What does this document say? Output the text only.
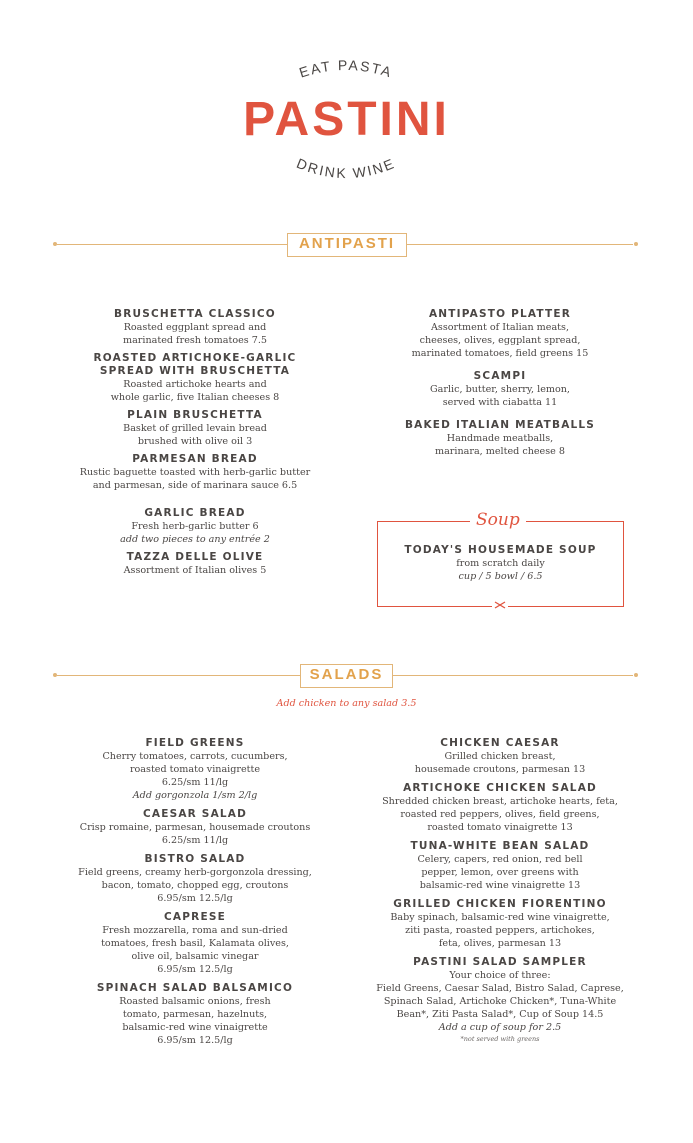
EAT PASTA
DRINK WINE
PASTINI
ANTIPASTI
BRUSCHETTA CLASSICO
Roasted eggplant spread and
marinated fresh tomatoes 7.5
ROASTED ARTICHOKE-GARLIC
SPREAD WITH BRUSCHETTA
Roasted artichoke hearts and
whole garlic, five Italian cheeses 8
PLAIN BRUSCHETTA
Basket of grilled levain bread
brushed with olive oil 3
PARMESAN BREAD
Rustic baguette toasted with herb-garlic butter
and parmesan, side of marinara sauce 6.5
GARLIC BREAD
Fresh herb-garlic butter 6
add two pieces to any entrée 2
TAZZA DELLE OLIVE
Assortment of Italian olives 5
ANTIPASTO PLATTER
Assortment of Italian meats,
cheeses, olives, eggplant spread,
marinated tomatoes, field greens 15
SCAMPI
Garlic, butter, sherry, lemon,
served with ciabatta 11
BAKED ITALIAN MEATBALLS
Handmade meatballs,
marinara, melted cheese 8
Soup
TODAY'S HOUSEMADE SOUP
from scratch daily
cup / 5 bowl / 6.5
SALADS
Add chicken to any salad 3.5
FIELD GREENS
Cherry tomatoes, carrots, cucumbers,
roasted tomato vinaigrette
6.25/sm 11/lg
Add gorgonzola 1/sm 2/lg
CAESAR SALAD
Crisp romaine, parmesan, housemade croutons
6.25/sm 11/lg
BISTRO SALAD
Field greens, creamy herb-gorgonzola dressing,
bacon, tomato, chopped egg, croutons
6.95/sm 12.5/lg
CAPRESE
Fresh mozzarella, roma and sun-dried
tomatoes, fresh basil, Kalamata olives,
olive oil, balsamic vinegar
6.95/sm 12.5/lg
SPINACH SALAD BALSAMICO
Roasted balsamic onions, fresh
tomato, parmesan, hazelnuts,
balsamic-red wine vinaigrette
6.95/sm 12.5/lg
CHICKEN CAESAR
Grilled chicken breast,
housemade croutons, parmesan 13
ARTICHOKE CHICKEN SALAD
Shredded chicken breast, artichoke hearts, feta,
roasted red peppers, olives, field greens,
roasted tomato vinaigrette 13
TUNA-WHITE BEAN SALAD
Celery, capers, red onion, red bell
pepper, lemon, over greens with
balsamic-red wine vinaigrette 13
GRILLED CHICKEN FIORENTINO
Baby spinach, balsamic-red wine vinaigrette,
ziti pasta, roasted peppers, artichokes,
feta, olives, parmesan 13
PASTINI SALAD SAMPLER
Your choice of three:
Field Greens, Caesar Salad, Bistro Salad, Caprese,
Spinach Salad, Artichoke Chicken*, Tuna-White
Bean*, Ziti Pasta Salad*, Cup of Soup 14.5
Add a cup of soup for 2.5
*not served with greens
